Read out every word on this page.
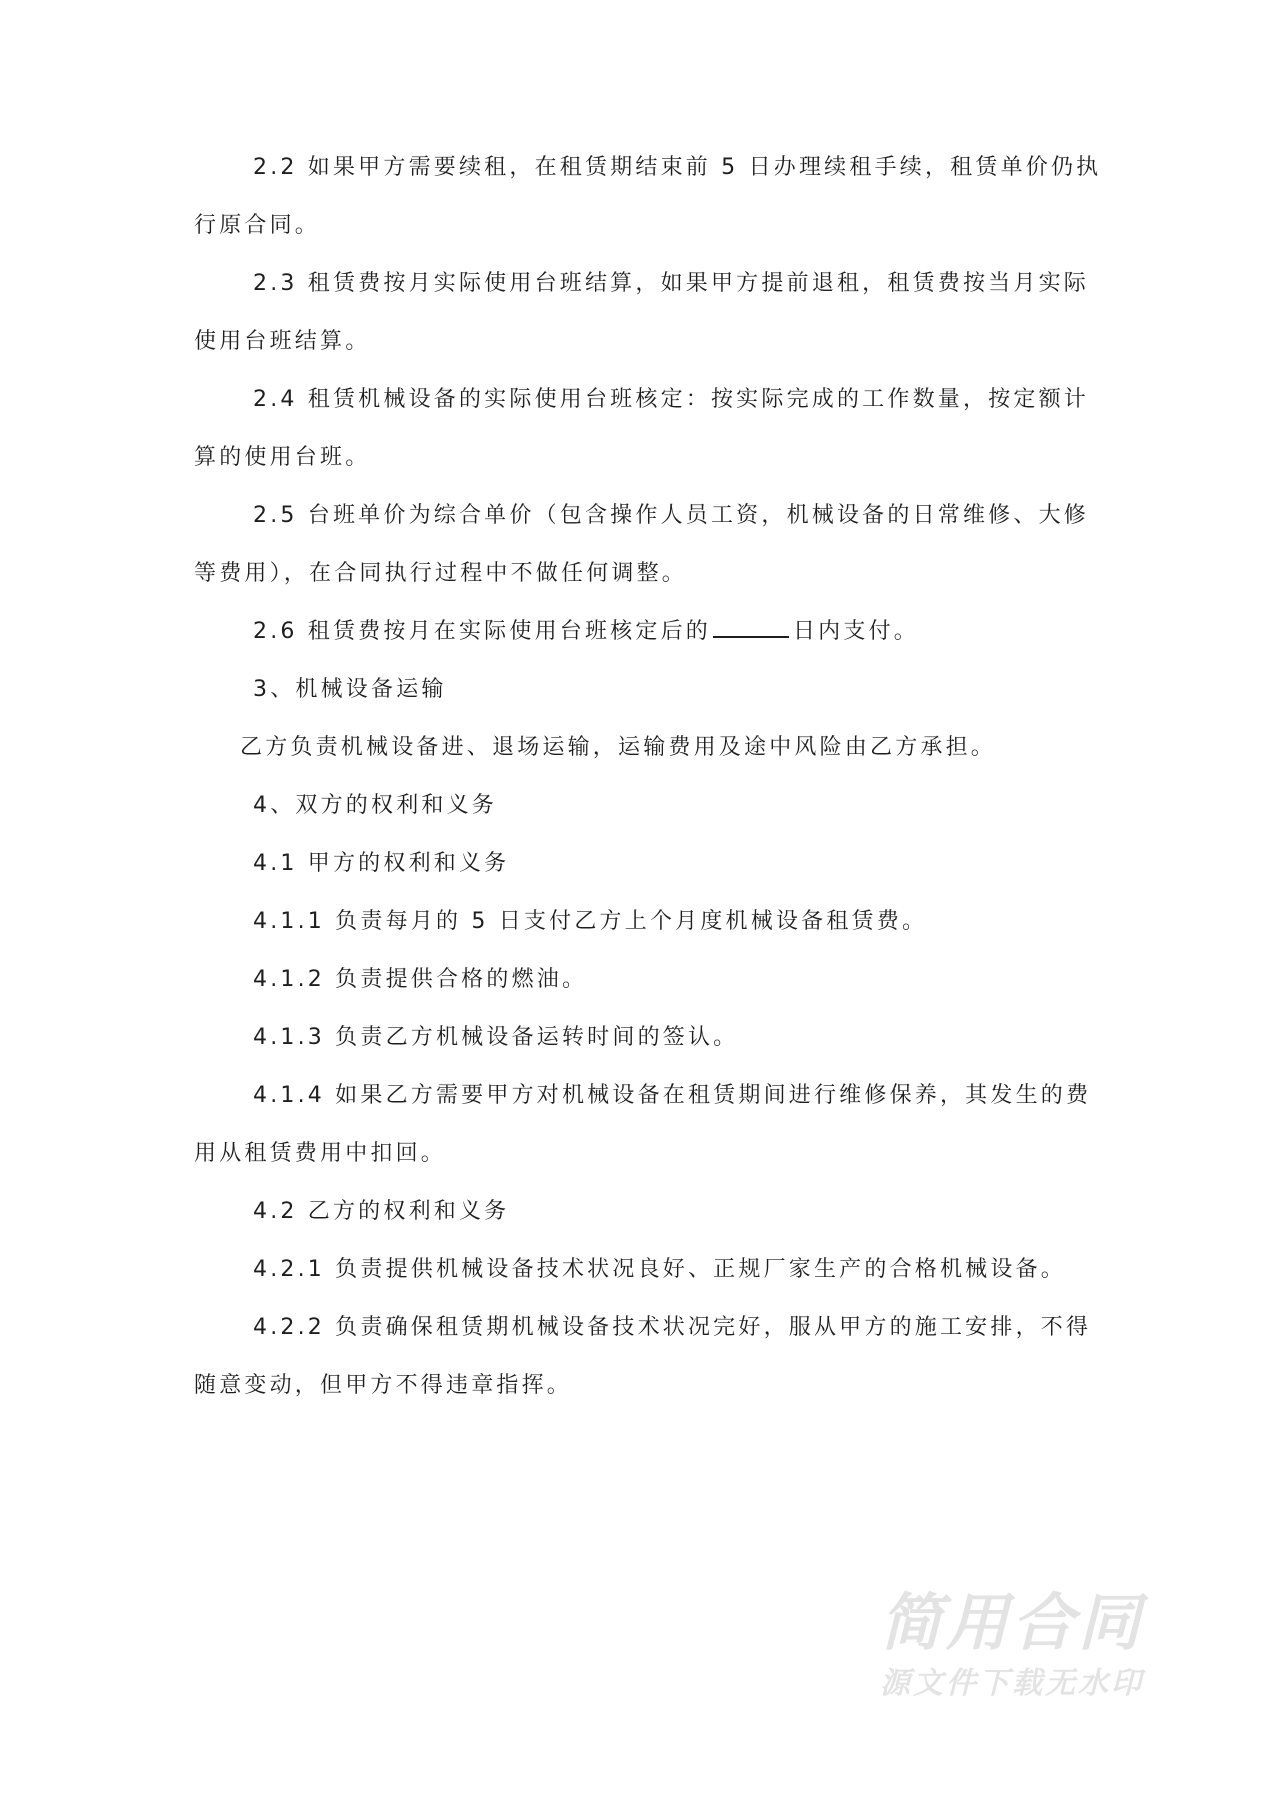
2.2 如果甲方需要续租，在租赁期结束前 5 日办理续租手续，租赁单价仍执
行原合同。
2.3 租赁费按月实际使用台班结算，如果甲方提前退租，租赁费按当月实际
使用台班结算。
2.4 租赁机械设备的实际使用台班核定：按实际完成的工作数量，按定额计
算的使用台班。
2.5 台班单价为综合单价（包含操作人员工资，机械设备的日常维修、大修
等费用），在合同执行过程中不做任何调整。
2.6 租赁费按月在实际使用台班核定后的	日内支付。
3、机械设备运输
乙方负责机械设备进、退场运输，运输费用及途中风险由乙方承担。
4、双方的权利和义务
4.1 甲方的权利和义务
4.1.1 负责每月的 5 日支付乙方上个月度机械设备租赁费。
4.1.2 负责提供合格的燃油。
4.1.3 负责乙方机械设备运转时间的签认。
4.1.4 如果乙方需要甲方对机械设备在租赁期间进行维修保养，其发生的费
用从租赁费用中扣回。
4.2 乙方的权利和义务
4.2.1 负责提供机械设备技术状况良好、正规厂家生产的合格机械设备。
4.2.2 负责确保租赁期机械设备技术状况完好，服从甲方的施工安排，不得
随意变动，但甲方不得违章指挥。
简用合同
源文件下载无水印
